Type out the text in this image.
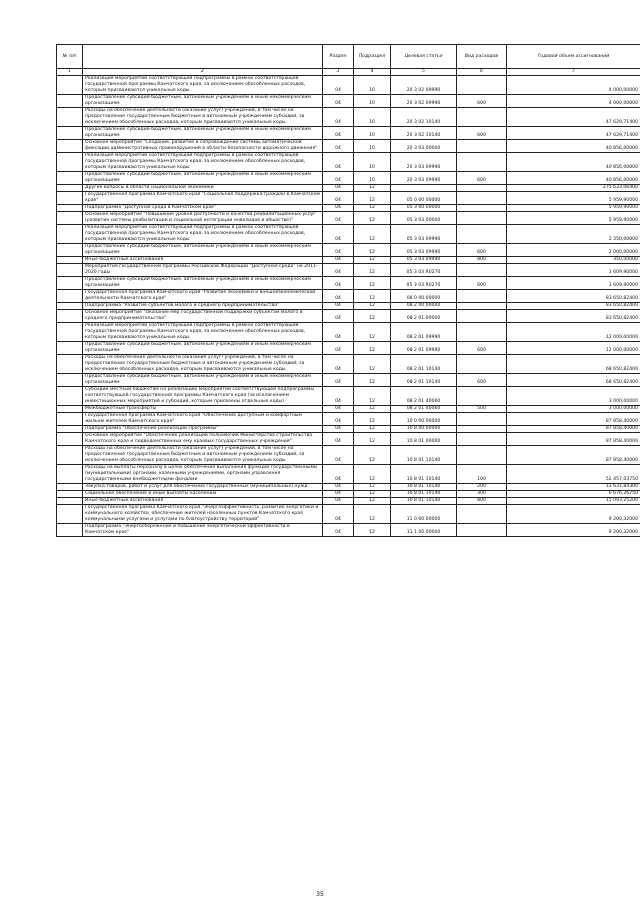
№ п/п		Раздел	Подраздел	Целевая статья	Вид расходов	Годовой объем ассигнований
1	2	3	4	5	6	7
	Реализация мероприятий соответствующей подпрограммы в рамках соответствующей государственной программы Камчатского края, за исключением обособленных расходов, которым присваиваются уникальные коды	04	10	20 3 02 09990		4 000,00000
	Предоставление субсидий бюджетным, автономным учреждениям и иным некоммерческим организациям	04	10	20 3 02 09990	600	4 000,00000
	Расходы на обеспечение деятельности (оказание услуг) учреждений, в том числе на предоставление государственным бюджетным и автономным учреждениям субсидий, за исключением обособленных расходов, которым присваиваются уникальные коды	04	10	20 3 02 10140		47 629,71400
	Предоставление субсидий бюджетным, автономным учреждениям и иным некоммерческим организациям	04	10	20 3 02 10140	600	47 629,71400
	Основное мероприятие "Создание, развитие и сопровождение системы автоматической фиксации административных правонарушений в области безопасности дорожного движения"	04	10	20 3 03 00000		40 856,00000
	Реализация мероприятий соответствующей подпрограммы в рамках соответствующей государственной программы Камчатского края, за исключением обособленных расходов, которым присваиваются уникальные коды	04	10	20 3 03 09990		40 856,00000
	Предоставление субсидий бюджетным, автономным учреждениям и иным некоммерческим организациям	04	10	20 3 03 09990	600	40 856,00000
	Другие вопросы в области национальной экономики	04	12			275 633,06400
	Государственная программа Камчатского края "Социальная поддержка граждан в Камчатском крае"	04	12	05 0 00 00000		5 959,90000
	Подпрограмма "Доступная среда в Камчатском крае"	04	12	05 3 00 00000		5 959,90000
	Основное мероприятие "Повышение уровня доступности и качества реабилитационных услуг (развитие системы реабилитации и социальной интеграции инвалидов в обществе)"	04	12	05 3 03 00000		5 959,90000
	Реализация мероприятий соответствующей подпрограммы в рамках соответствующей государственной программы Камчатского края, за исключением обособленных расходов, которым присваиваются уникальные коды	04	12	05 3 03 09990		2 350,00000
	Предоставление субсидий бюджетным, автономным учреждениям и иным некоммерческим организациям	04	12	05 3 03 09990	600	2 000,00000
	Иные бюджетные ассигнования	04	12	05 3 03 09990	800	350,00000
	Мероприятия государственной программы Российской Федерации "Доступная среда" на 2011-2020 годы	04	12	05 3 03 R0270		3 609,90000
	Предоставление субсидий бюджетным, автономным учреждениям и иным некоммерческим организациям	04	12	05 3 03 R0270	600	3 609,90000
	Государственная программа Камчатского края "Развитие экономики и внешнеэкономической деятельности Камчатского края"	04	12	08 0 00 00000		83 650,82400
	Подпрограмма "Развитие субъектов малого и среднего предпринимательства"	04	12	08 2 00 00000		83 650,82400
	Основное мероприятие "Оказание мер государственной поддержки субъектам малого и среднего предпринимательства"	04	12	08 2 01 00000		83 650,82400
	Реализация мероприятий соответствующей подпрограммы в рамках соответствующей государственной программы Камчатского края, за исключением обособленных расходов, которым присваиваются уникальные коды	04	12	08 2 01 09990		12 000,00000
	Предоставление субсидий бюджетным, автономным учреждениям и иным некоммерческим организациям	04	12	08 2 01 09990	600	12 000,00000
	Расходы на обеспечение деятельности (оказание услуг) учреждений, в том числе на предоставление государственным бюджетным и автономным учреждениям субсидий, за исключением обособленных расходов, которым присваиваются уникальные коды	04	12	08 2 01 10140		68 650,82400
	Предоставление субсидий бюджетным, автономным учреждениям и иным некоммерческим организациям	04	12	08 2 01 10140	600	68 650,82400
	Субсидии местным бюджетам на реализацию мероприятий соответствующей подпрограммы соответствующей государственной программы Камчатского края (за исключением инвестиционных мероприятий и субсидий, которым присвоены отдельные коды)	04	12	08 2 01 40060		3 000,00000
	Межбюджетные трансферты	04	12	08 2 01 40060	500	3 000,00000
	Государственная программа Камчатского края "Обеспечение доступным и комфортным жильем жителей Камчатского края"	04	12	10 0 00 00000		87 858,40000
	Подпрограмма "Обеспечение реализации Программы"	04	12	10 8 00 00000		87 858,40000
	Основное мероприятие "Обеспечение реализации полномочий Министерства строительства Камчатского края и подведомственных ему краевых государственных учреждений"	04	12	10 8 01 00000		87 858,40000
	Расходы на обеспечение деятельности (оказание услуг) учреждений, в том числе на предоставление государственным бюджетным и автономным учреждениям субсидий, за исключением обособленных расходов, которым присваиваются уникальные коды	04	12	10 8 01 10140		87 858,40000
	Расходы на выплаты персоналу в целях обеспечения выполнения функций государственными (муниципальными) органами, казенными учреждениями, органами управления государственными внебюджетными фондами	04	12	10 8 01 10140	100	52 457,03750
	Закупка товаров, работ и услуг для обеспечения государственных (муниципальных) нужд	04	12	10 8 01 10140	200	13 631,84300
	Социальное обеспечение и иные выплаты населению	04	12	10 8 01 10140	300	6 676,26750
	Иные бюджетные ассигнования	04	12	10 8 01 10140	800	15 093,25200
	Государственная программа Камчатского края "Энергоэффективность, развитие энергетики и коммунального хозяйства, обеспечение жителей населенных пунктов Камчатского края коммунальными услугами и услугами по благоустройству территорий"	04	12	11 0 00 00000		9 200,32000
	Подпрограмма "Энергосбережение и повышение энергетической эффективности в Камчатском крае"	04	12	11 1 00 00000		9 200,32000
35
